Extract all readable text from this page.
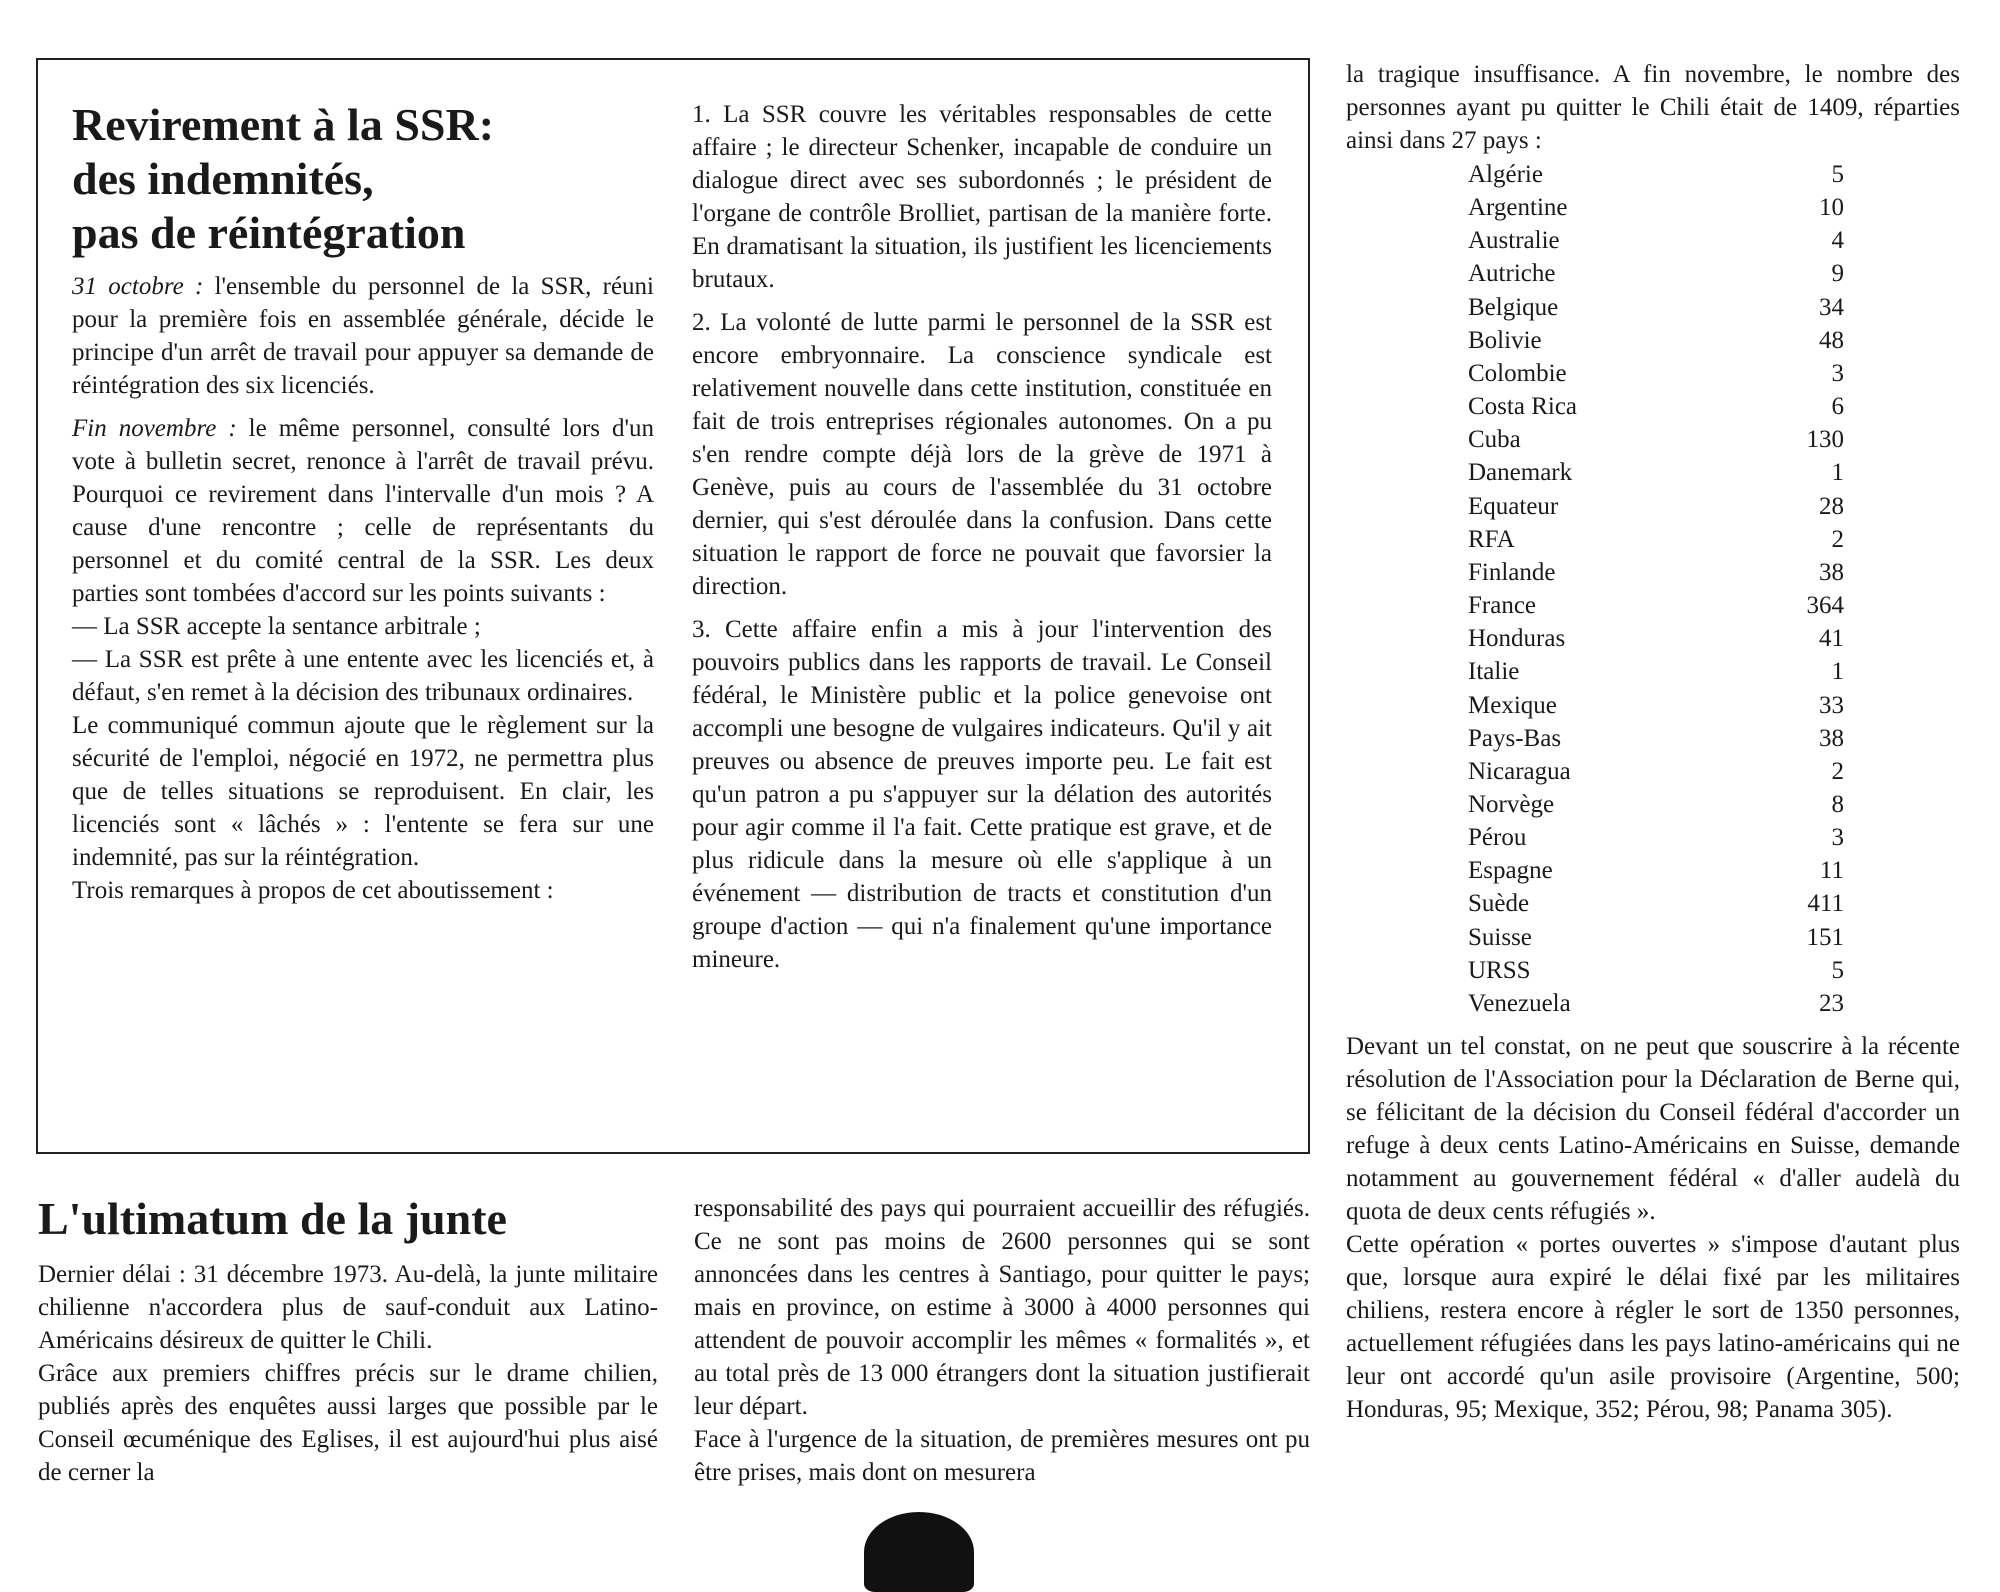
Revirement à la SSR:
des indemnités,
pas de réintégration

31 octobre : l'ensemble du personnel de la SSR, réuni pour la première fois en assemblée générale, décide le principe d'un arrêt de travail pour appuyer sa demande de réintégration des six licenciés.

Fin novembre : le même personnel, consulté lors d'un vote à bulletin secret, renonce à l'arrêt de travail prévu. Pourquoi ce revirement dans l'intervalle d'un mois ? A cause d'une rencontre ; celle de représentants du personnel et du comité central de la SSR. Les deux parties sont tombées d'accord sur les points suivants :

— La SSR accepte la sentance arbitrale ;

— La SSR est prête à une entente avec les licenciés et, à défaut, s'en remet à la décision des tribunaux ordinaires.

Le communiqué commun ajoute que le règlement sur la sécurité de l'emploi, négocié en 1972, ne permettra plus que de telles situations se reproduisent. En clair, les licenciés sont « lâchés » : l'entente se fera sur une indemnité, pas sur la réintégration.

Trois remarques à propos de cet aboutissement :

1. La SSR couvre les véritables responsables de cette affaire ; le directeur Schenker, incapable de conduire un dialogue direct avec ses subordonnés ; le président de l'organe de contrôle Brolliet, partisan de la manière forte. En dramatisant la situation, ils justifient les licenciements brutaux.

2. La volonté de lutte parmi le personnel de la SSR est encore embryonnaire. La conscience syndicale est relativement nouvelle dans cette institution, constituée en fait de trois entreprises régionales autonomes. On a pu s'en rendre compte déjà lors de la grève de 1971 à Genève, puis au cours de l'assemblée du 31 octobre dernier, qui s'est déroulée dans la confusion. Dans cette situation le rapport de force ne pouvait que favorsier la direction.

3. Cette affaire enfin a mis à jour l'intervention des pouvoirs publics dans les rapports de travail. Le Conseil fédéral, le Ministère public et la police genevoise ont accompli une besogne de vulgaires indicateurs. Qu'il y ait preuves ou absence de preuves importe peu. Le fait est qu'un patron a pu s'appuyer sur la délation des autorités pour agir comme il l'a fait. Cette pratique est grave, et de plus ridicule dans la mesure où elle s'applique à un événement — distribution de tracts et constitution d'un groupe d'action — qui n'a finalement qu'une importance mineure.

L'ultimatum de la junte

Dernier délai : 31 décembre 1973. Au-delà, la junte militaire chilienne n'accordera plus de sauf-conduit aux Latino-Américains désireux de quitter le Chili.

Grâce aux premiers chiffres précis sur le drame chilien, publiés après des enquêtes aussi larges que possible par le Conseil œcuménique des Eglises, il est aujourd'hui plus aisé de cerner la

responsabilité des pays qui pourraient accueillir des réfugiés. Ce ne sont pas moins de 2600 personnes qui se sont annoncées dans les centres à Santiago, pour quitter le pays; mais en province, on estime à 3000 à 4000 personnes qui attendent de pouvoir accomplir les mêmes « formalités », et au total près de 13 000 étrangers dont la situation justifierait leur départ.

Face à l'urgence de la situation, de premières mesures ont pu être prises, mais dont on mesurera

la tragique insuffisance. A fin novembre, le nombre des personnes ayant pu quitter le Chili était de 1409, réparties ainsi dans 27 pays :

Algérie	5
Argentine	10
Australie	4
Autriche	9
Belgique	34
Bolivie	48
Colombie	3
Costa Rica	6
Cuba	130
Danemark	1
Equateur	28
RFA	2
Finlande	38
France	364
Honduras	41
Italie	1
Mexique	33
Pays-Bas	38
Nicaragua	2
Norvège	8
Pérou	3
Espagne	11
Suède	411
Suisse	151
URSS	5
Venezuela	23

Devant un tel constat, on ne peut que souscrire à la récente résolution de l'Association pour la Déclaration de Berne qui, se félicitant de la décision du Conseil fédéral d'accorder un refuge à deux cents Latino-Américains en Suisse, demande notamment au gouvernement fédéral « d'aller audelà du quota de deux cents réfugiés ».

Cette opération « portes ouvertes » s'impose d'autant plus que, lorsque aura expiré le délai fixé par les militaires chiliens, restera encore à régler le sort de 1350 personnes, actuellement réfugiées dans les pays latino-américains qui ne leur ont accordé qu'un asile provisoire (Argentine, 500; Honduras, 95; Mexique, 352; Pérou, 98; Panama 305).
